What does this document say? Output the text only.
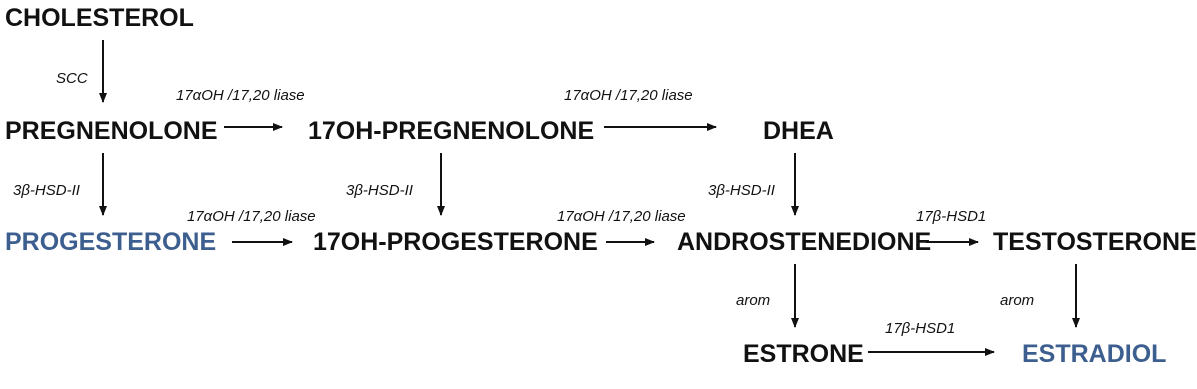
CHOLESTEROL
PREGNENOLONE	17OH-PREGNENOLONE	DHEA
PROGESTERONE	17OH-PROGESTERONE	ANDROSTENEDIONE TESTOSTERONE
ESTRONE	ESTRADIOL
SCC
17αOH /17,20 liase	17αOH /17,20 liase
3β-HSD-II	3β-HSD-II	3β-HSD-II
17αOH /17,20 liase	17αOH /17,20 liase	17β-HSD1
arom	arom
17β-HSD1
